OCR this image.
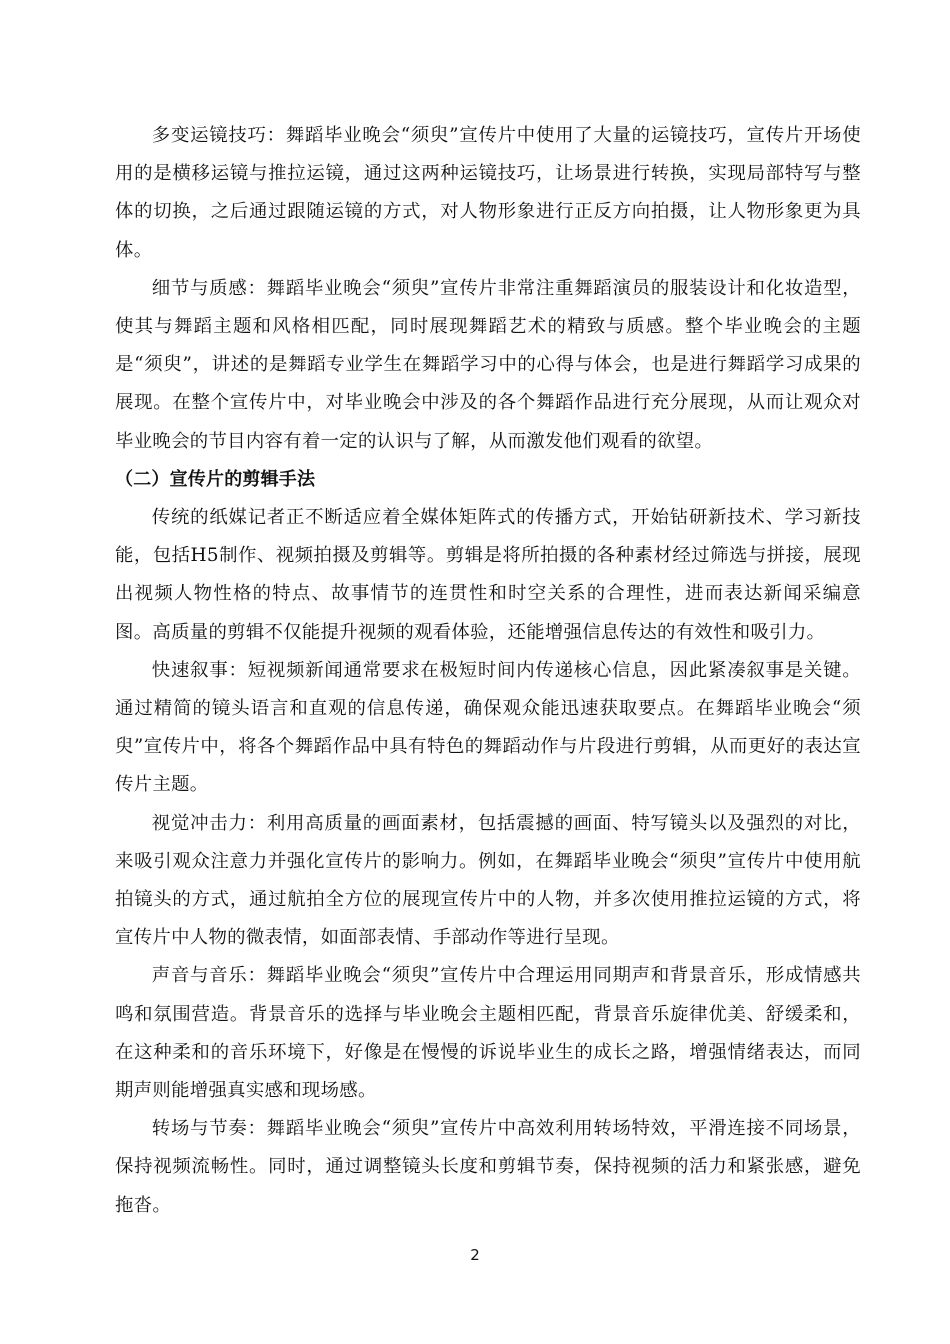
多变运镜技巧：舞蹈毕业晚会“须臾”宣传片中使用了大量的运镜技巧，宣传片开场使用的是横移运镜与推拉运镜，通过这两种运镜技巧，让场景进行转换，实现局部特写与整体的切换，之后通过跟随运镜的方式，对人物形象进行正反方向拍摄，让人物形象更为具体。

细节与质感：舞蹈毕业晚会“须臾”宣传片非常注重舞蹈演员的服装设计和化妆造型，使其与舞蹈主题和风格相匹配，同时展现舞蹈艺术的精致与质感。整个毕业晚会的主题是“须臾”，讲述的是舞蹈专业学生在舞蹈学习中的心得与体会，也是进行舞蹈学习成果的展现。在整个宣传片中，对毕业晚会中涉及的各个舞蹈作品进行充分展现，从而让观众对毕业晚会的节目内容有着一定的认识与了解，从而激发他们观看的欲望。

（二）宣传片的剪辑手法

传统的纸媒记者正不断适应着全媒体矩阵式的传播方式，开始钻研新技术、学习新技能，包括H5制作、视频拍摄及剪辑等。剪辑是将所拍摄的各种素材经过筛选与拼接，展现出视频人物性格的特点、故事情节的连贯性和时空关系的合理性，进而表达新闻采编意图。高质量的剪辑不仅能提升视频的观看体验，还能增强信息传达的有效性和吸引力。

快速叙事：短视频新闻通常要求在极短时间内传递核心信息，因此紧凑叙事是关键。通过精简的镜头语言和直观的信息传递，确保观众能迅速获取要点。在舞蹈毕业晚会“须臾”宣传片中，将各个舞蹈作品中具有特色的舞蹈动作与片段进行剪辑，从而更好的表达宣传片主题。

视觉冲击力：利用高质量的画面素材，包括震撼的画面、特写镜头以及强烈的对比，来吸引观众注意力并强化宣传片的影响力。例如，在舞蹈毕业晚会“须臾”宣传片中使用航拍镜头的方式，通过航拍全方位的展现宣传片中的人物，并多次使用推拉运镜的方式，将宣传片中人物的微表情，如面部表情、手部动作等进行呈现。

声音与音乐：舞蹈毕业晚会“须臾”宣传片中合理运用同期声和背景音乐，形成情感共鸣和氛围营造。背景音乐的选择与毕业晚会主题相匹配，背景音乐旋律优美、舒缓柔和，在这种柔和的音乐环境下，好像是在慢慢的诉说毕业生的成长之路，增强情绪表达，而同期声则能增强真实感和现场感。

转场与节奏：舞蹈毕业晚会“须臾”宣传片中高效利用转场特效，平滑连接不同场景，保持视频流畅性。同时，通过调整镜头长度和剪辑节奏，保持视频的活力和紧张感，避免拖沓。

2
